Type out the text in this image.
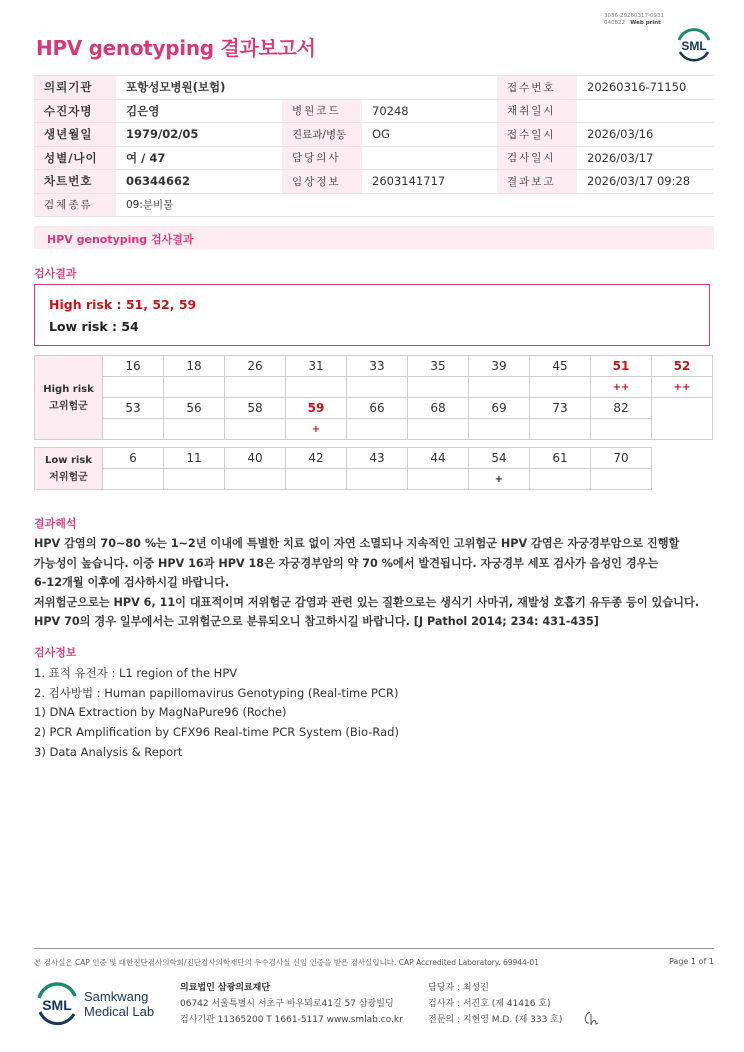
3036-20260317-0931
040822 Web print
HPV genotyping 결과보고서	SML
의뢰기관	포항성모병원(보험)			접수번호	20260316-71150
수진자명	김은영	병원코드	70248	채취일시	
생년월일	1979/02/05	진료과/병동	OG	접수일시	2026/03/16
성별/나이	여 / 47	담당의사		검사일시	2026/03/17
차트번호	06344662	임상정보	2603141717	결과보고	2026/03/17 09:28
검체종류	09:분비물				
HPV genotyping 검사결과
검사결과
High risk : 51, 52, 59
Low risk : 54
High risk
고위험군	16	18	26	31	33	35	39	45	51	52
									++	++
	53	56	58	59	66	68	69	73	82	
				+						
Low risk
저위험군	6	11	40	42	43	44	54	61	70
							+		
결과해석
HPV 감염의 70~80 %는 1~2년 이내에 특별한 치료 없이 자연 소멸되나 지속적인 고위험군 HPV 감염은 자궁경부암으로 진행할
가능성이 높습니다. 이중 HPV 16과 HPV 18은 자궁경부암의 약 70 %에서 발견됩니다. 자궁경부 세포 검사가 음성인 경우는
6-12개월 이후에 검사하시길 바랍니다.
저위험군으로는 HPV 6, 11이 대표적이며 저위험군 감염과 관련 있는 질환으로는 생식기 사마귀, 재발성 호흡기 유두종 등이 있습니다.
HPV 70의 경우 일부에서는 고위험군으로 분류되오니 참고하시길 바랍니다. [J Pathol 2014; 234: 431-435]
검사정보
1. 표적 유전자 : L1 region of the HPV
2. 검사방법 : Human papillomavirus Genotyping (Real-time PCR)
1) DNA Extraction by MagNaPure96 (Roche)
2) PCR Amplification by CFX96 Real-time PCR System (Bio-Rad)
3) Data Analysis & Report
본 검사실은 CAP 인증 및 대한진단검사의학회/진단검사의학재단의 우수검사실 신임 인증을 받은 검사실입니다. CAP Accredited Laboratory. 69944-01	Page 1 of 1
SML
Samkwang
Medical Lab
의료법인 삼광의료재단
06742 서울특별시 서초구 바우뫼로41길 57 삼광빌딩
검사기관 11365200 T 1661-5117 www.smlab.co.kr
담당자 : 최성진
검사자 : 서진호 (제 41416 호)
전문의 : 지현영 M.D. (제 333 호)
